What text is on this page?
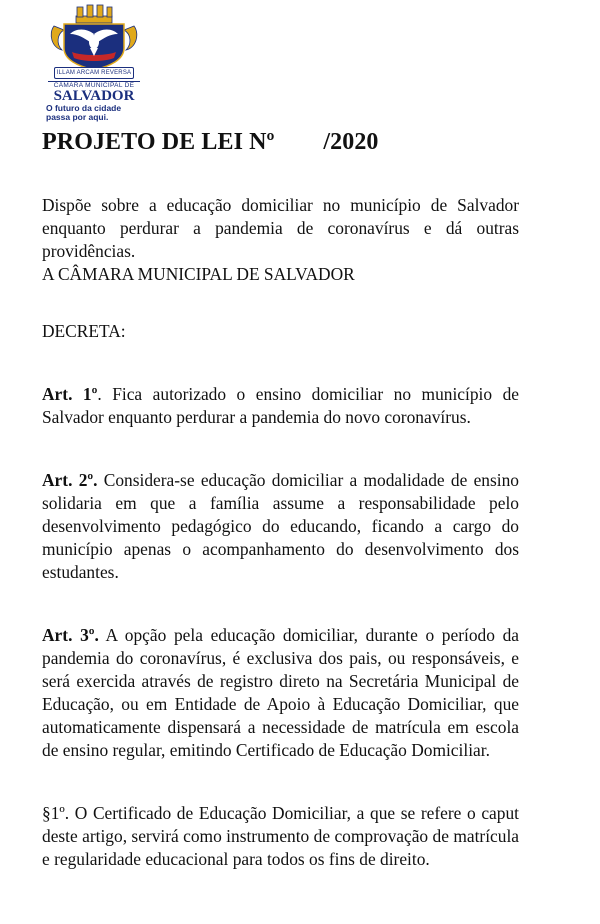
ILLAM ARCAM REVERSA
CÂMARA MUNICIPAL DE
SALVADOR
O futuro da cidade
passa por aqui.
PROJETO DE LEI Nº        /2020

Dispõe sobre a educação domiciliar no município de Salvador enquanto perdurar a pandemia de coronavírus e dá outras providências.

A CÂMARA MUNICIPAL DE SALVADOR

DECRETA:

Art. 1º. Fica autorizado o ensino domiciliar no município de Salvador enquanto perdurar a pandemia do novo coronavírus.

Art. 2º. Considera-se educação domiciliar a modalidade de ensino solidaria em que a família assume a responsabilidade pelo desenvolvimento pedagógico do educando, ficando a cargo do município apenas o acompanhamento do desenvolvimento dos estudantes.

Art. 3º. A opção pela educação domiciliar, durante o período da pandemia do coronavírus, é exclusiva dos pais, ou responsáveis, e será exercida através de registro direto na Secretária Municipal de Educação, ou em Entidade de Apoio à Educação Domiciliar, que automaticamente dispensará a necessidade de matrícula em escola de ensino regular, emitindo Certificado de Educação Domiciliar.

§1º. O Certificado de Educação Domiciliar, a que se refere o caput deste artigo, servirá como instrumento de comprovação de matrícula e regularidade educacional para todos os fins de direito.
